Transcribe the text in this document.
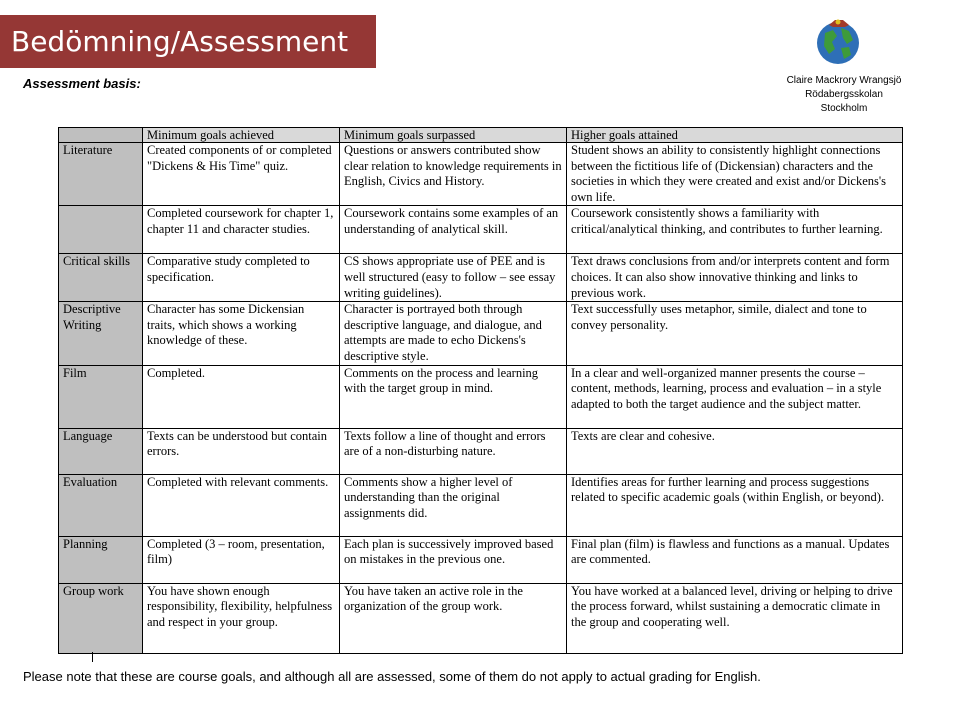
Bedömning/Assessment
Assessment basis:	Claire Mackrory Wrangsjö
Rödabergsskolan
Stockholm
	Minimum goals achieved	Minimum goals surpassed	Higher goals attained
Literature	Created components of or completed "Dickens & His Time" quiz.	Questions or answers contributed show clear relation to knowledge requirements in English, Civics and History.	Student shows an ability to consistently highlight connections between the fictitious life of (Dickensian) characters and the societies in which they were created and exist and/or Dickens's own life.
	Completed coursework for chapter 1, chapter 11 and character studies.	Coursework contains some examples of an understanding of analytical skill.	Coursework consistently shows a familiarity with critical/analytical thinking, and contributes to further learning.
Critical skills	Comparative study completed to specification.	CS shows appropriate use of PEE and is well structured (easy to follow – see essay writing guidelines).	Text draws conclusions from and/or interprets content and form choices. It can also show innovative thinking and links to previous work.
Descriptive Writing	Character has some Dickensian traits, which shows a working knowledge of these.	Character is portrayed both through descriptive language, and dialogue, and attempts are made to echo Dickens's descriptive style.	Text successfully uses metaphor, simile, dialect and tone to convey personality.
Film	Completed.	Comments on the process and learning with the target group in mind.	In a clear and well-organized manner presents the course – content, methods, learning, process and evaluation – in a style adapted to both the target audience and the subject matter.
Language	Texts can be understood but contain errors.	Texts follow a line of thought and errors are of a non-disturbing nature.	Texts are clear and cohesive.
Evaluation	Completed with relevant comments.	Comments show a higher level of understanding than the original assignments did.	Identifies areas for further learning and process suggestions related to specific academic goals (within English, or beyond).
Planning	Completed (3 – room, presentation, film)	Each plan is successively improved based on mistakes in the previous one.	Final plan (film) is flawless and functions as a manual. Updates are commented.
Group work	You have shown enough responsibility, flexibility, helpfulness and respect in your group.	You have taken an active role in the organization of the group work.	You have worked at a balanced level, driving or helping to drive the process forward, whilst sustaining a democratic climate in the group and cooperating well.
Please note that these are course goals, and although all are assessed, some of them do not apply to actual grading for English.
